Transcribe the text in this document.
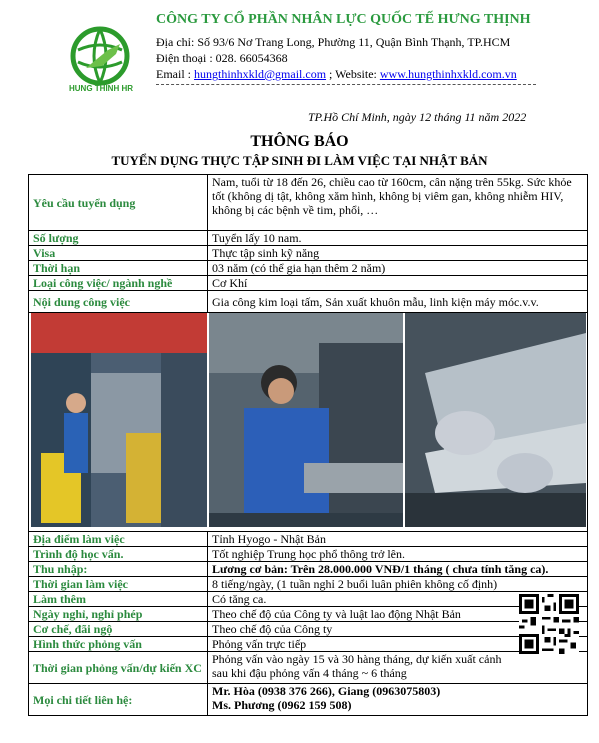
HUNG THINH HR
CÔNG TY CỔ PHẦN NHÂN LỰC QUỐC TẾ HƯNG THỊNH
Địa chỉ: Số 93/6 Nơ Trang Long, Phường 11, Quận Bình Thạnh, TP.HCM
Điện thoại : 028. 66054368
Email : hungthinhxkld@gmail.com ; Website: www.hungthinhxkld.com.vn
TP.Hồ Chí Minh, ngày 12 tháng 11 năm 2022
THÔNG BÁO
TUYỂN DỤNG THỰC TẬP SINH ĐI LÀM VIỆC TẠI NHẬT BẢN
Yêu cầu tuyển dụng	Nam, tuổi từ 18 đến 26, chiều cao từ 160cm, cân nặng trên 55kg. Sức khỏe tốt (không dị tật, không xăm hình, không bị viêm gan, không nhiễm HIV, không bị các bệnh về tim, phổi, …
Số lượng	Tuyển lấy 10 nam.
Visa	Thực tập sinh kỹ năng
Thời hạn	03 năm (có thể gia hạn thêm 2 năm)
Loại công việc/ ngành nghề	Cơ Khí
Nội dung công việc	Gia công kim loại tấm, Sản xuất khuôn mẫu, linh kiện máy móc.v.v.

Địa điểm làm việc	Tỉnh Hyogo - Nhật Bản
Trình độ học vấn.	Tốt nghiệp Trung học phổ thông trở lên.
Thu nhập:	Lương cơ bản: Trên 28.000.000 VNĐ/1 tháng ( chưa tính tăng ca).
Thời gian làm việc	8 tiếng/ngày, (1 tuần nghỉ 2 buổi luân phiên không cố định)
Làm thêm	Có tăng ca.

Ngày nghỉ, nghỉ phép	Theo chế độ của Công ty và luật lao động Nhật Bản
Cơ chế, đãi ngộ	Theo chế độ của Công ty
Hình thức phỏng vấn	Phỏng vấn trực tiếp
Thời gian phỏng vấn/dự kiến XC	Phỏng vấn vào ngày 15 và 30 hàng tháng, dự kiến xuất cảnh sau khi đậu phỏng vấn 4 tháng ~ 6 tháng
Mọi chi tiết liên hệ:	Mr. Hòa (0938 376 266), Giang (0963075803)
Ms. Phương (0962 159 508)
